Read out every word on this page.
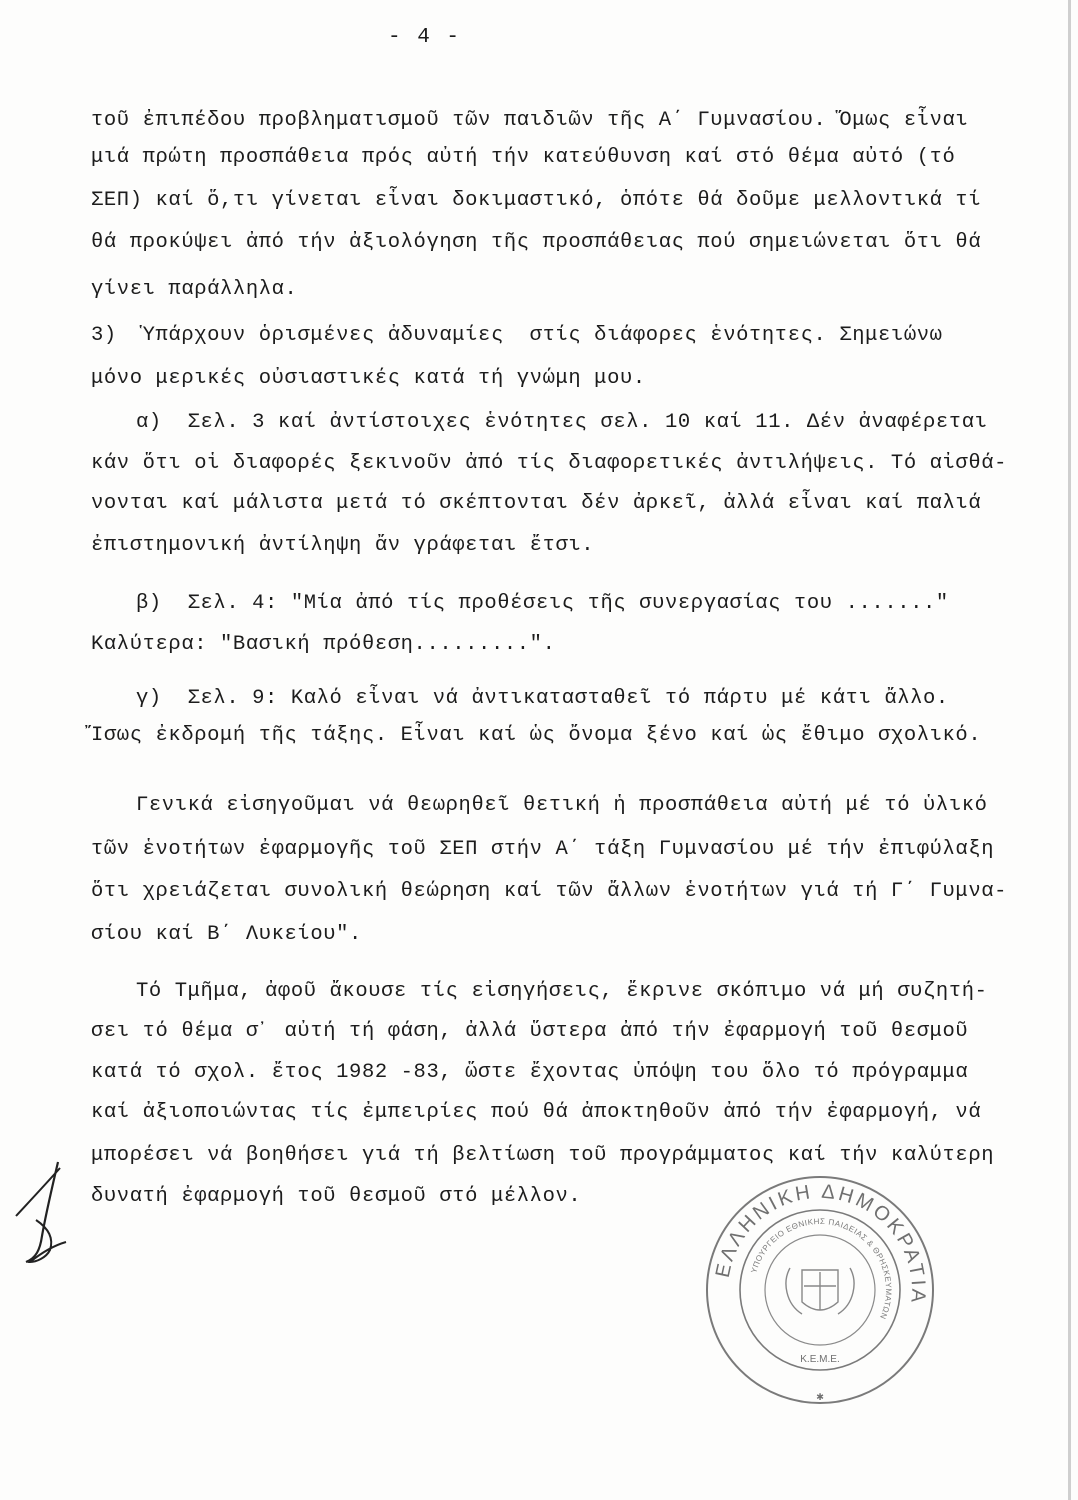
- 4 -
τοῦ ἐπιπέδου προβληματισμοῦ τῶν παιδιῶν τῆς Α΄ Γυμνασίου. Ὅμως εἶναι
μιά πρώτη προσπάθεια πρός αὐτή τήν κατεύθυνση καί στό θέμα αὐτό (τό
ΣΕΠ) καί ὅ,τι γίνεται εἶναι δοκιμαστικό, ὁπότε θά δοῦμε μελλοντικά τί
θά προκύψει ἀπό τήν ἀξιολόγηση τῆς προσπάθειας πού σημειώνεται ὅτι θά
γίνει παράλληλα.
3)  Ὑπάρχουν ὁρισμένες ἀδυναμίες  στίς διάφορες ἑνότητες. Σημειώνω
μόνο μερικές οὐσιαστικές κατά τή γνώμη μου.
α)  Σελ. 3 καί ἀντίστοιχες ἑνότητες σελ. 10 καί 11. Δέν ἀναφέρεται
κάν ὅτι οἱ διαφορές ξεκινοῦν ἀπό τίς διαφορετικές ἀντιλήψεις. Τό αἰσθά-
νονται καί μάλιστα μετά τό σκέπτονται δέν ἀρκεῖ, ἀλλά εἶναι καί παλιά
ἐπιστημονική ἀντίληψη ἄν γράφεται ἔτσι.
β)  Σελ. 4: "Μία ἀπό τίς προθέσεις τῆς συνεργασίας του ......."
Καλύτερα: "Βασική πρόθεση.........".
γ)  Σελ. 9: Καλό εἶναι νά ἀντικατασταθεῖ τό πάρτυ μέ κάτι ἄλλο.
Ἴσως ἐκδρομή τῆς τάξης. Εἶναι καί ὡς ὄνομα ξένο καί ὡς ἔθιμο σχολικό.
Γενικά εἰσηγοῦμαι νά θεωρηθεῖ θετική ἡ προσπάθεια αὐτή μέ τό ὑλικό
τῶν ἑνοτήτων ἐφαρμογῆς τοῦ ΣΕΠ στήν Α΄ τάξη Γυμνασίου μέ τήν ἐπιφύλαξη
ὅτι χρειάζεται συνολική θεώρηση καί τῶν ἄλλων ἑνοτήτων γιά τή Γ΄ Γυμνα-
σίου καί Β΄ Λυκείου".
Τό Τμῆμα, ἀφοῦ ἄκουσε τίς εἰσηγήσεις, ἔκρινε σκόπιμο νά μή συζητή-
σει τό θέμα σ᾽ αὐτή τή φάση, ἀλλά ὕστερα ἀπό τήν ἐφαρμογή τοῦ θεσμοῦ
κατά τό σχολ. ἔτος 1982 -83, ὥστε ἔχοντας ὑπόψη του ὅλο τό πρόγραμμα
καί ἀξιοποιώντας τίς ἐμπειρίες πού θά ἀποκτηθοῦν ἀπό τήν ἐφαρμογή, νά
μπορέσει νά βοηθήσει γιά τή βελτίωση τοῦ προγράμματος καί τήν καλύτερη
δυνατή ἐφαρμογή τοῦ θεσμοῦ στό μέλλον.
ΕΛΛΗΝΙΚΗ ΔΗΜΟΚΡΑΤΙΑ
ΥΠΟΥΡΓΕΙΟ ΕΘΝΙΚΗΣ ΠΑΙΔΕΙΑΣ & ΘΡΗΣΚΕΥΜΑΤΩΝ
Κ.Ε.Μ.Ε.
✱
